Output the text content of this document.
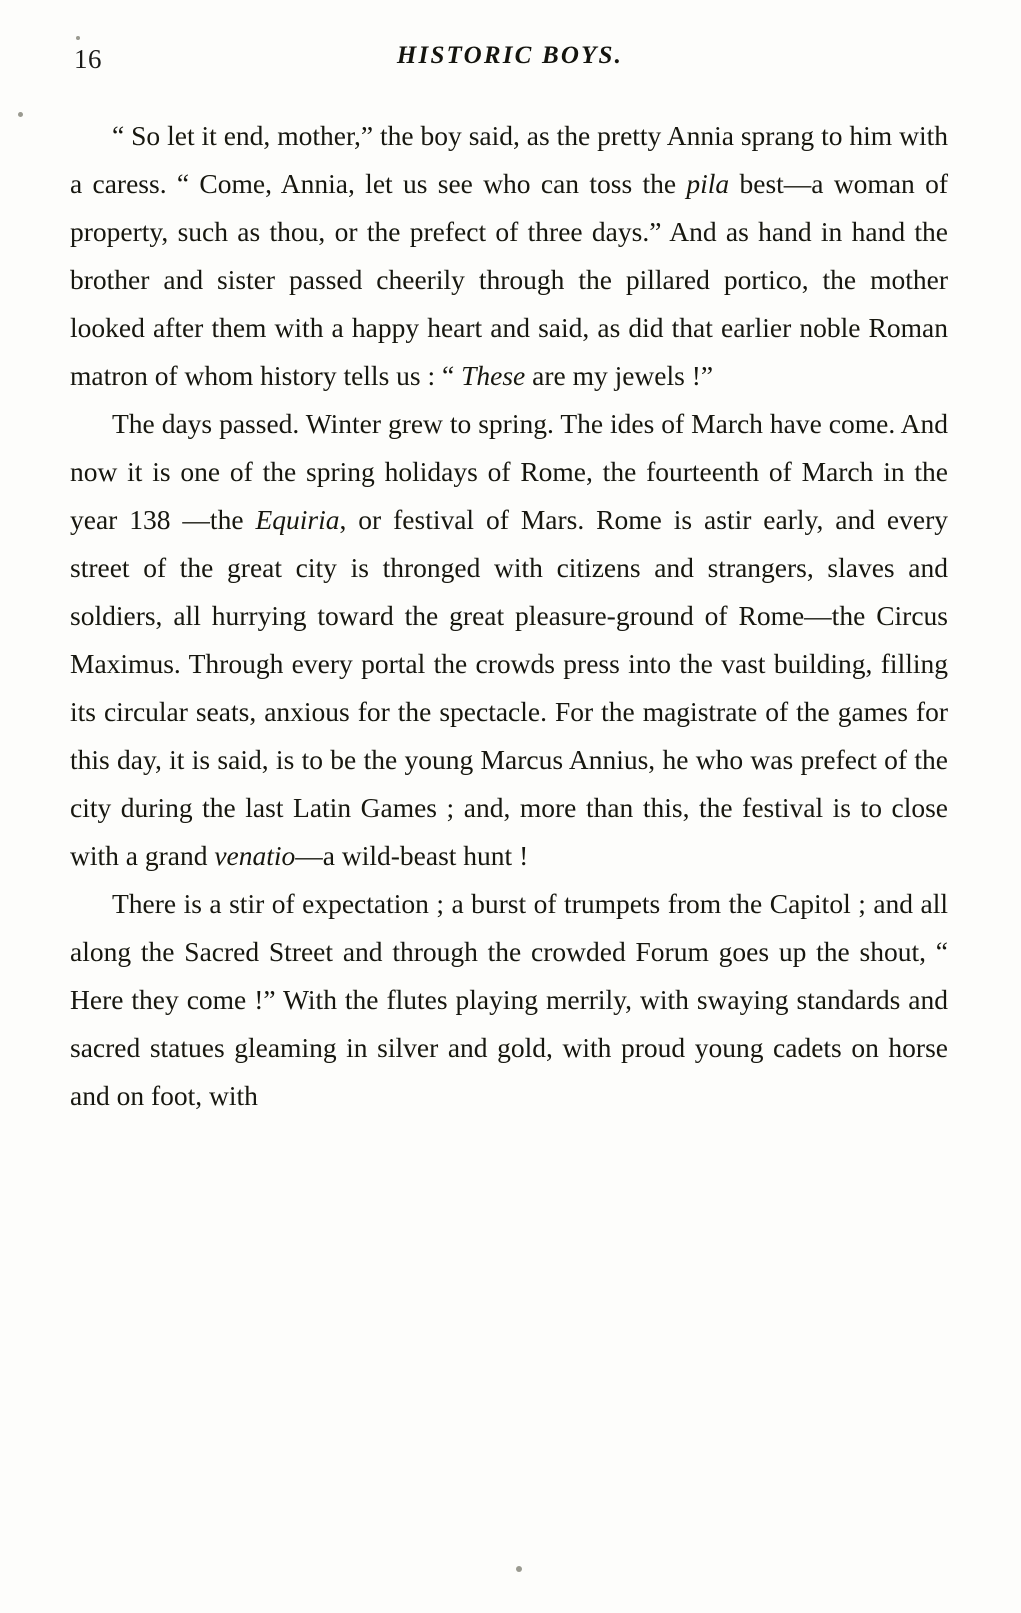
16	HISTORIC BOYS.

“ So let it end, mother,” the boy said, as the pretty Annia sprang to him with a caress. “ Come, Annia, let us see who can toss the pila best—a woman of property, such as thou, or the prefect of three days.” And as hand in hand the brother and sister passed cheerily through the pillared portico, the mother looked after them with a happy heart and said, as did that earlier noble Roman matron of whom history tells us : “ These are my jewels !”

The days passed. Winter grew to spring. The ides of March have come. And now it is one of the spring holidays of Rome, the fourteenth of March in the year 138 —the Equiria, or festival of Mars. Rome is astir early, and every street of the great city is thronged with citizens and strangers, slaves and soldiers, all hurrying toward the great pleasure-ground of Rome—the Circus Maximus. Through every portal the crowds press into the vast building, filling its circular seats, anxious for the spectacle. For the magistrate of the games for this day, it is said, is to be the young Marcus Annius, he who was prefect of the city during the last Latin Games ; and, more than this, the festival is to close with a grand venatio—a wild-beast hunt !

There is a stir of expectation ; a burst of trumpets from the Capitol ; and all along the Sacred Street and through the crowded Forum goes up the shout, “ Here they come !” With the flutes playing merrily, with swaying standards and sacred statues gleaming in silver and gold, with proud young cadets on horse and on foot, with
